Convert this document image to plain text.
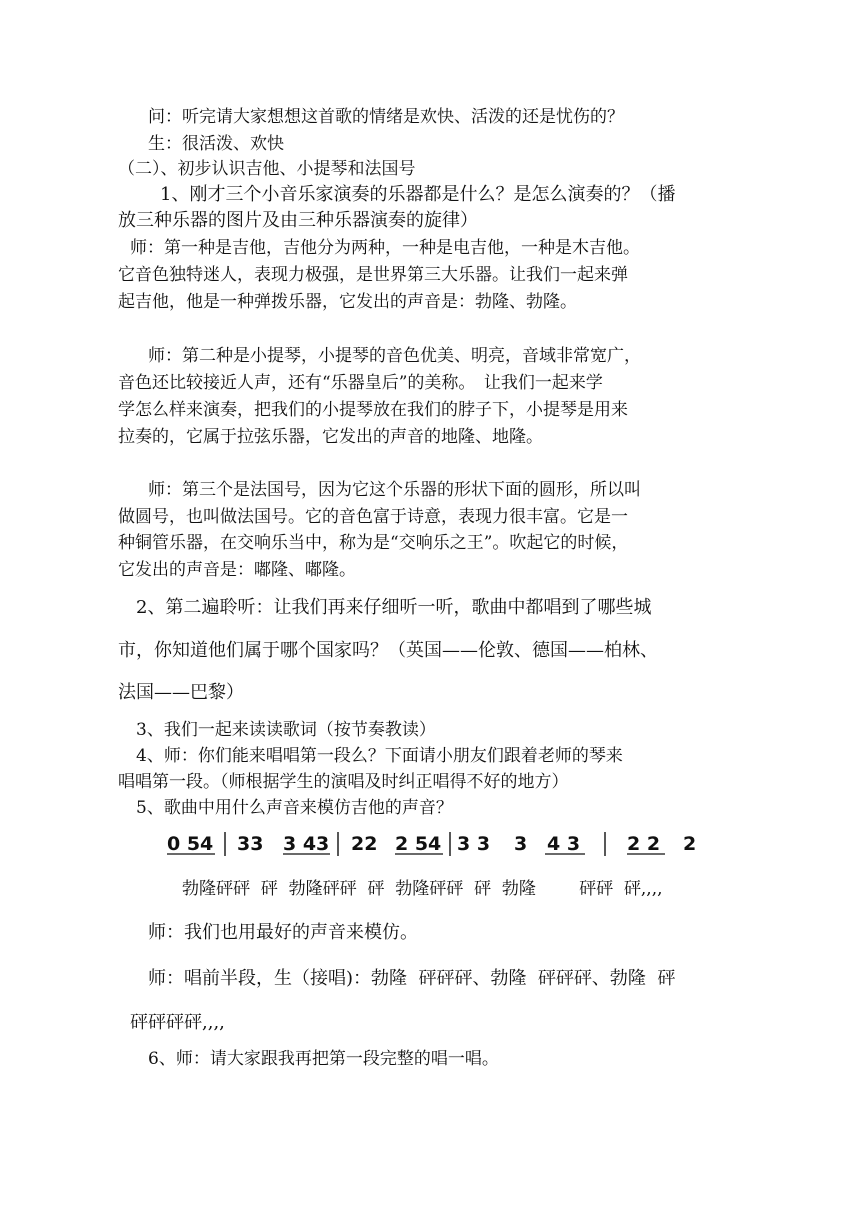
问：听完请大家想想这首歌的情绪是欢快、活泼的还是忧伤的？
生：很活泼、欢快
（二）、初步认识吉他、小提琴和法国号
1、刚才三个小音乐家演奏的乐器都是什么？是怎么演奏的？（播
放三种乐器的图片及由三种乐器演奏的旋律）
师：第一种是吉他，吉他分为两种，一种是电吉他，一种是木吉他。
它音色独特迷人，表现力极强，是世界第三大乐器。让我们一起来弹
起吉他，他是一种弹拨乐器，它发出的声音是：勃隆、勃隆。
师：第二种是小提琴，小提琴的音色优美、明亮，音域非常宽广，
音色还比较接近人声，还有“乐器皇后”的美称。　让我们一起来学
学怎么样来演奏，把我们的小提琴放在我们的脖子下，小提琴是用来
拉奏的，它属于拉弦乐器，它发出的声音的地隆、地隆。
师：第三个是法国号，因为它这个乐器的形状下面的圆形，所以叫
做圆号，也叫做法国号。它的音色富于诗意，表现力很丰富。它是一
种铜管乐器，在交响乐当中，称为是“交响乐之王”。吹起它的时候，
它发出的声音是：嘟隆、嘟隆。
2、第二遍聆听：让我们再来仔细听一听，歌曲中都唱到了哪些城
市，你知道他们属于哪个国家吗？（英国——伦敦、德国——柏林、
法国——巴黎）
3、我们一起来读读歌词（按节奏教读）
4、师：你们能来唱唱第一段么？下面请小朋友们跟着老师的琴来
唱唱第一段。（师根据学生的演唱及时纠正唱得不好的地方）
5、歌曲中用什么声音来模仿吉他的声音？
0 54 33 3 43 22 2 54 3 3 3 4 3 2 2 2
勃隆砰砰  砰  勃隆砰砰  砰  勃隆砰砰  砰  勃隆        砰砰  砰,,,,
师：我们也用最好的声音来模仿。
师：唱前半段，生（接唱)：勃隆  砰砰砰、勃隆  砰砰砰、勃隆  砰
砰砰砰砰,,,,
6、师：请大家跟我再把第一段完整的唱一唱。
